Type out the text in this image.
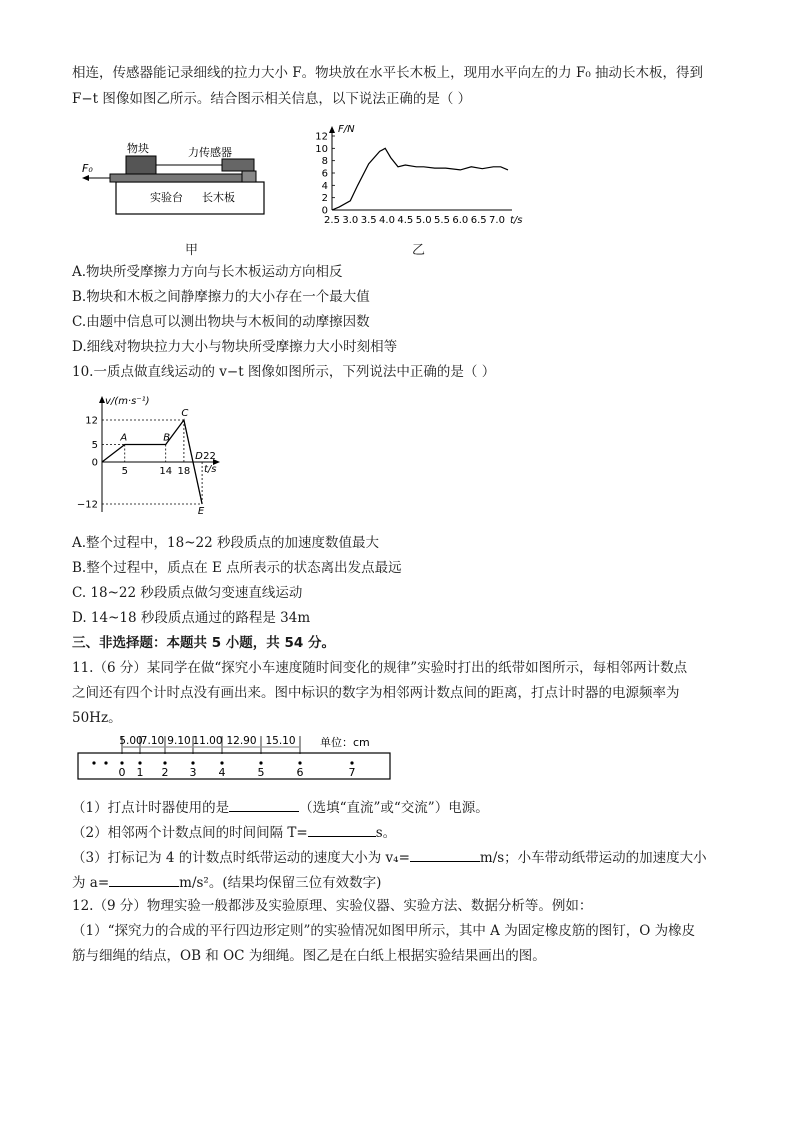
相连，传感器能记录细线的拉力大小 F。物块放在水平长木板上，现用水平向左的力 F₀ 抽动长木板，得到
F−t 图像如图乙所示。结合图示相关信息，以下说法正确的是（ ）
物块	力传感器
F₀
实验台 长木板
甲
F/N
0
2
4
6
8
10
12
2.5 3.0 3.5 4.0 4.5 5.0 5.5 6.0 6.5 7.0 t/s
乙
A.物块所受摩擦力方向与长木板运动方向相反
B.物块和木板之间静摩擦力的大小存在一个最大值
C.由题中信息可以测出物块与木板间的动摩擦因数
D.细线对物块拉力大小与物块所受摩擦力大小时刻相等
10.一质点做直线运动的 v−t 图像如图所示，下列说法中正确的是（ ）
v/(m·s⁻¹)
t/s
12
5
0
−12
5	14 18
22
A	B
C
D
E
A.整个过程中，18~22 秒段质点的加速度数值最大
B.整个过程中，质点在 E 点所表示的状态离出发点最远
C. 18~22 秒段质点做匀变速直线运动
D. 14~18 秒段质点通过的路程是 34m
三、非选择题：本题共 5 小题，共 54 分。
11.（6 分）某同学在做“探究小车速度随时间变化的规律”实验时打出的纸带如图所示，每相邻两计数点
之间还有四个计时点没有画出来。图中标识的数字为相邻两计数点间的距离，打点计时器的电源频率为
50Hz。
0 1 2 3 4	5	6	7
5.00
7.10 9.10 11.00 12.90 15.10 单位：cm
（1）打点计时器使用的是	（选填“直流”或“交流”）电源。
（2）相邻两个计数点间的时间间隔 T=	s。
（3）打标记为 4 的计数点时纸带运动的速度大小为 v₄=	m/s；小车带动纸带运动的加速度大小
为 a=	m/s²。(结果均保留三位有效数字)
12.（9 分）物理实验一般都涉及实验原理、实验仪器、实验方法、数据分析等。例如：
（1）“探究力的合成的平行四边形定则”的实验情况如图甲所示，其中 A 为固定橡皮筋的图钉，O 为橡皮
筋与细绳的结点，OB 和 OC 为细绳。图乙是在白纸上根据实验结果画出的图。
